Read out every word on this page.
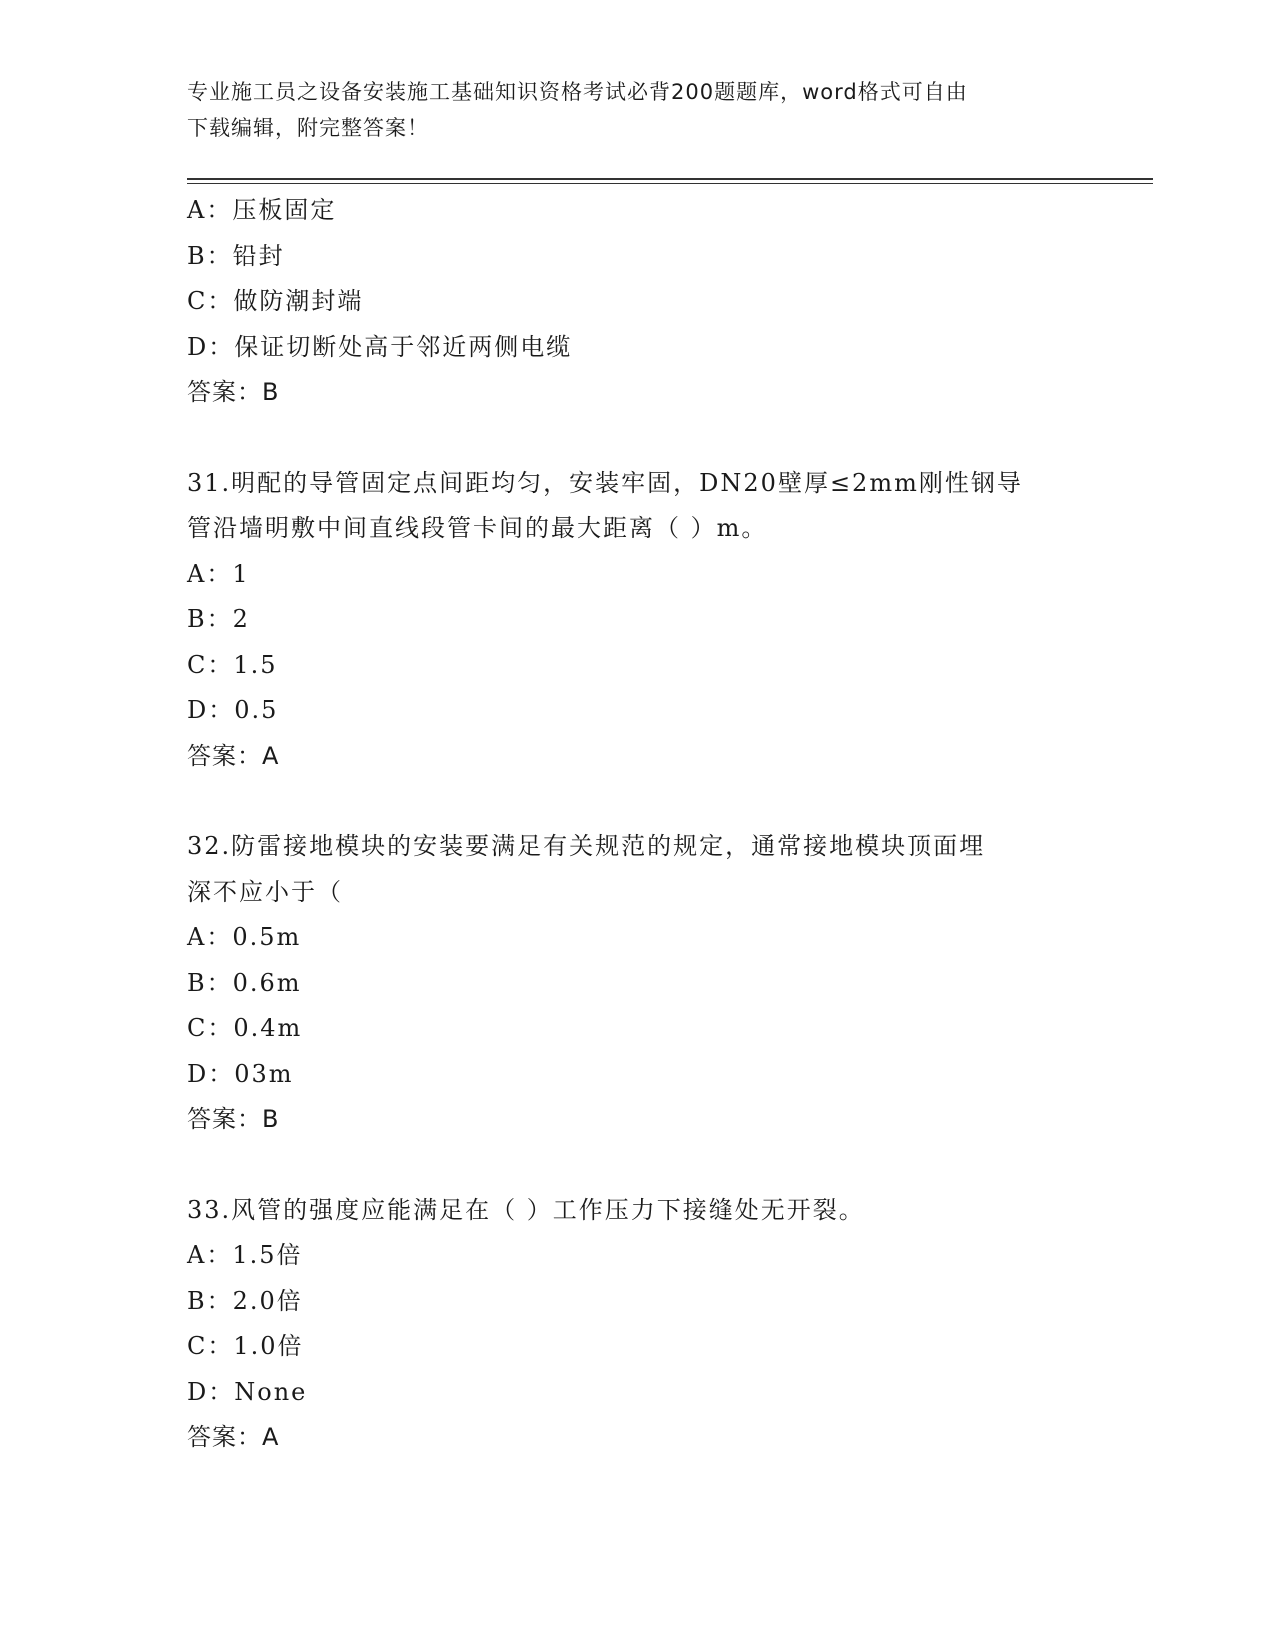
专业施工员之设备安装施工基础知识资格考试必背200题题库，word格式可自由
下载编辑，附完整答案！
A：压板固定
B：铅封
C：做防潮封端
D：保证切断处高于邻近两侧电缆
答案：B
31.明配的导管固定点间距均匀，安装牢固，DN20壁厚≤2mm刚性钢导
管沿墙明敷中间直线段管卡间的最大距离（ ）m。
A：1
B：2
C：1.5
D：0.5
答案：A
32.防雷接地模块的安装要满足有关规范的规定，通常接地模块顶面埋
深不应小于（
A：0.5m
B：0.6m
C：0.4m
D：03m
答案：B
33.风管的强度应能满足在（ ）工作压力下接缝处无开裂。
A：1.5倍
B：2.0倍
C：1.0倍
D：None
答案：A
